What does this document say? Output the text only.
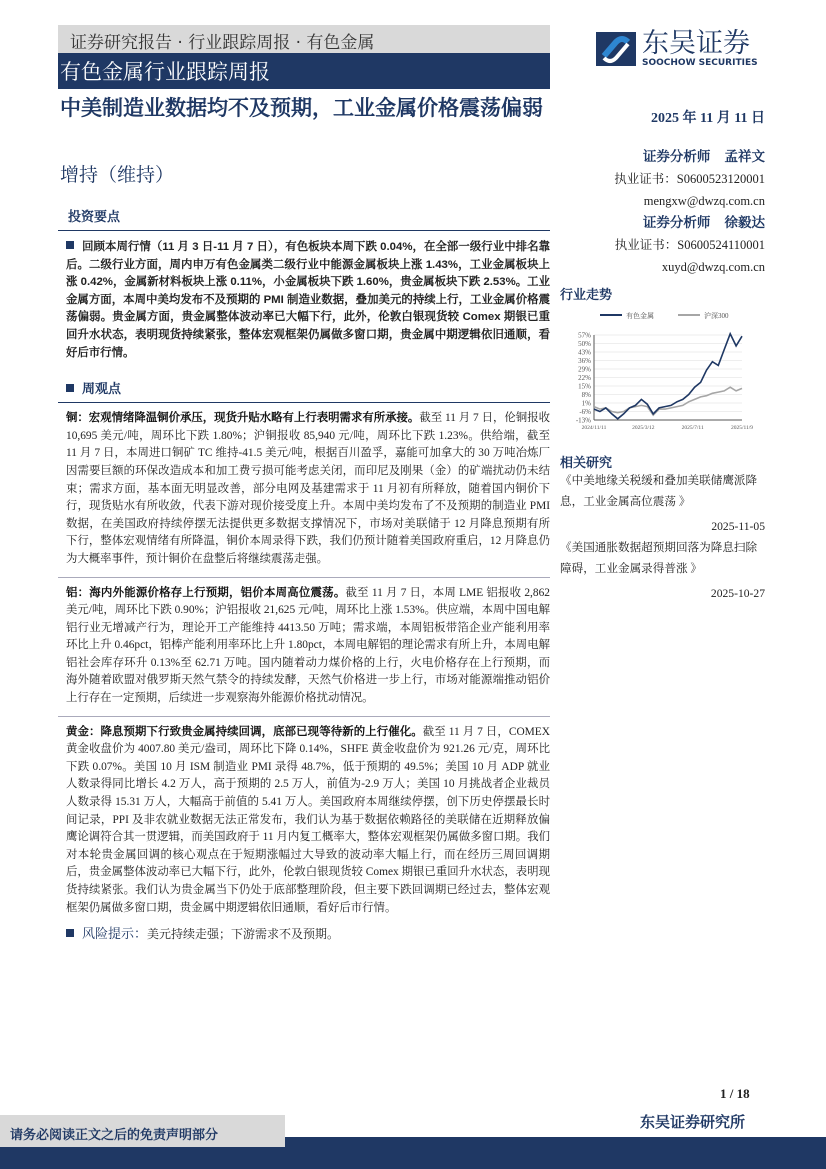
证券研究报告 · 行业跟踪周报 · 有色金属
有色金属行业跟踪周报
中美制造业数据均不及预期，工业金属价格震荡偏弱
增持（维持）
东吴证券
SOOCHOW SECURITIES
2025 年 11 月 11 日
证券分析师 孟祥文
执业证书：S0600523120001
mengxw@dwzq.com.cn
证券分析师 徐毅达
执业证书：S0600524110001
xuyd@dwzq.com.cn
投资要点
回顾本周行情（11 月 3 日-11 月 7 日），有色板块本周下跌 0.04%，在全部一级行业中排名靠后。二级行业方面，周内申万有色金属类二级行业中能源金属板块上涨 1.43%，工业金属板块上涨 0.42%，金属新材料板块上涨 0.11%，小金属板块下跌 1.60%，贵金属板块下跌 2.53%。工业金属方面，本周中美均发布不及预期的 PMI 制造业数据，叠加美元的持续上行，工业金属价格震荡偏弱。贵金属方面，贵金属整体波动率已大幅下行，此外，伦敦白银现货较 Comex 期银已重回升水状态，表明现货持续紧张，整体宏观框架仍属做多窗口期，贵金属中期逻辑依旧通顺，看好后市行情。
周观点
铜：宏观情绪降温铜价承压，现货升贴水略有上行表明需求有所承接。截至 11 月 7 日，伦铜报收 10,695 美元/吨，周环比下跌 1.80%；沪铜报收 85,940 元/吨，周环比下跌 1.23%。供给端，截至 11 月 7 日，本周进口铜矿 TC 维持-41.5 美元/吨，根据百川盈孚，嘉能可加拿大的 30 万吨冶炼厂因需要巨额的环保改造成本和加工费亏损可能考虑关闭，而印尼及刚果（金）的矿端扰动仍未结束；需求方面，基本面无明显改善，部分电网及基建需求于 11 月初有所释放，随着国内铜价下行，现货贴水有所收敛，代表下游对现价接受度上升。本周中美均发布了不及预期的制造业 PMI 数据，在美国政府持续停摆无法提供更多数据支撑情况下，市场对美联储于 12 月降息预期有所下行，整体宏观情绪有所降温，铜价本周录得下跌，我们仍预计随着美国政府重启，12 月降息仍为大概率事件，预计铜价在盘整后将继续震荡走强。
铝：海内外能源价格存上行预期，铝价本周高位震荡。截至 11 月 7 日，本周 LME 铝报收 2,862 美元/吨，周环比下跌 0.90%；沪铝报收 21,625 元/吨，周环比上涨 1.53%。供应端，本周中国电解铝行业无增减产行为，理论开工产能维持 4413.50 万吨；需求端，本周铝板带箔企业产能利用率环比上升 0.46pct，铝棒产能利用率环比上升 1.80pct，本周电解铝的理论需求有所上升，本周电解铝社会库存环升 0.13%至 62.71 万吨。国内随着动力煤价格的上行，火电价格存在上行预期，而海外随着欧盟对俄罗斯天然气禁令的持续发酵，天然气价格进一步上行，市场对能源端推动铝价上行存在一定预期，后续进一步观察海外能源价格扰动情况。
黄金：降息预期下行致贵金属持续回调，底部已现等待新的上行催化。截至 11 月 7 日，COMEX 黄金收盘价为 4007.80 美元/盎司，周环比下降 0.14%，SHFE 黄金收盘价为 921.26 元/克，周环比下跌 0.07%。美国 10 月 ISM 制造业 PMI 录得 48.7%，低于预期的 49.5%；美国 10 月 ADP 就业人数录得同比增长 4.2 万人，高于预期的 2.5 万人，前值为-2.9 万人；美国 10 月挑战者企业裁员人数录得 15.31 万人，大幅高于前值的 5.41 万人。美国政府本周继续停摆，创下历史停摆最长时间记录，PPI 及非农就业数据无法正常发布，我们认为基于数据依赖路径的美联储在近期释放偏鹰论调符合其一贯逻辑，而美国政府于 11 月内复工概率大，整体宏观框架仍属做多窗口期。我们对本轮贵金属回调的核心观点在于短期涨幅过大导致的波动率大幅上行，而在经历三周回调期后，贵金属整体波动率已大幅下行，此外，伦敦白银现货较 Comex 期银已重回升水状态，表明现货持续紧张。我们认为贵金属当下仍处于底部整理阶段，但主要下跌回调期已经过去，整体宏观框架仍属做多窗口期，贵金属中期逻辑依旧通顺，看好后市行情。
风险提示：美元持续走强；下游需求不及预期。
行业走势
有色金属	沪深300
57%
50%
43%
36%
29%
22%
15%
8%
1%
-6%
-13%
2024/11/11	2025/3/12	2025/7/11	2025/11/9
相关研究
《中美地缘关税缓和叠加美联储鹰派降息，工业金属高位震荡 》
2025-11-05
《美国通胀数据超预期回落为降息扫除障碍，工业金属录得普涨 》
2025-10-27
1 / 18
东吴证券研究所
请务必阅读正文之后的免责声明部分
